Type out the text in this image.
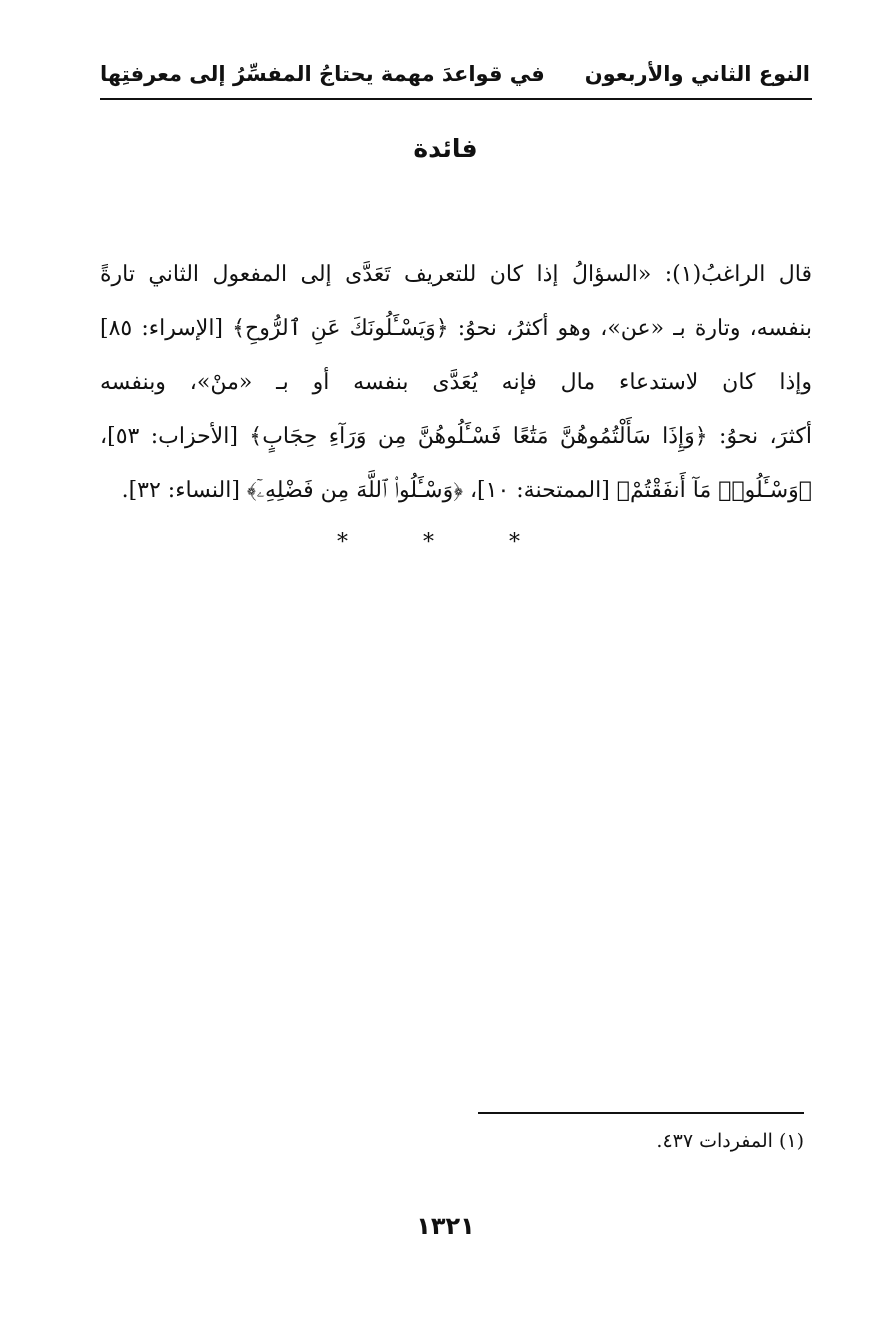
النوع الثاني والأربعون
في قواعدَ مهمة يحتاجُ المفسِّرُ إلى معرفتِها
فائدة
قال الراغبُ(١): «السؤالُ إذا كان للتعريف تَعَدَّى إلى المفعول الثاني تارةً
بنفسه، وتارة بـ «عن»، وهو أكثرُ، نحوُ: ﴿وَيَسْـَٔلُونَكَ عَنِ ٱلرُّوحِ﴾ [الإسراء: ٨٥]
وإذا كان لاستدعاء مال فإنه يُعَدَّى بنفسه أو بـ «منْ»، وبنفسه
أكثرَ، نحوُ: ﴿وَإِذَا سَأَلْتُمُوهُنَّ مَتَٰعًا فَسْـَٔلُوهُنَّ مِن وَرَآءِ حِجَابٍ﴾ [الأحزاب: ٥٣]،
﴿وَسْـَٔلُوا۟ مَآ أَنفَقْتُمْ﴾ [الممتحنة: ١٠]، ﴿وَسْـَٔلُوا۟ ٱللَّهَ مِن فَضْلِهِۦٓ﴾ [النساء: ٣٢].
* * *
(١) المفردات ٤٣٧.
١٣٢١
